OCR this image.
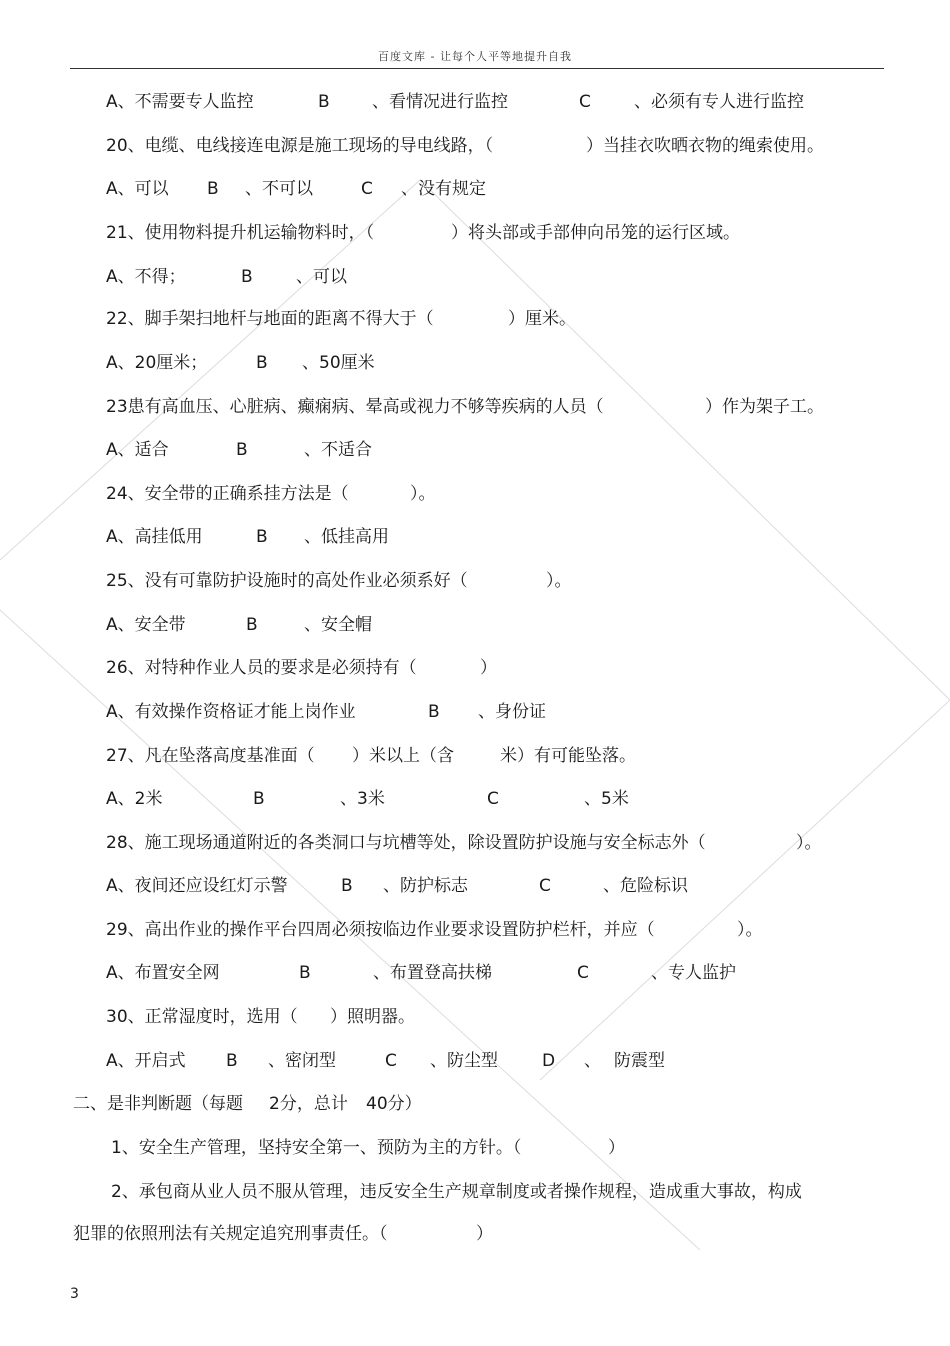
百度文库 - 让每个人平等地提升自我
A、不需要专人监控	B 、看情况进行监控	C	、必须有专人进行监控
20、电缆、电线接连电源是施工现场的导电线路，（	）当挂衣吹晒衣物的绳索使用。
A、可以 B 、不可以	C 、没有规定
21、使用物料提升机运输物料时，（	）将头部或手部伸向吊笼的运行区域。
A、不得；	B	、可以
22、脚手架扫地杆与地面的距离不得大于（	）厘米。
A、20厘米；	B 、50厘米
23患有高血压、心脏病、癫痫病、晕高或视力不够等疾病的人员（	）作为架子工。
A、适合	B	、不适合
24、安全带的正确系挂方法是（	）。
A、高挂低用	B 、低挂高用
25、没有可靠防护设施时的高处作业必须系好（	）。
A、安全带	B	、安全帽
26、对特种作业人员的要求是必须持有（	）
A、有效操作资格证才能上岗作业	B 、身份证
27、凡在坠落高度基准面（ ）米以上（含	米）有可能坠落。
A、2米	B	、3米	C	、5米
28、施工现场通道附近的各类洞口与坑槽等处，除设置防护设施与安全标志外（	）。
A、夜间还应设红灯示警	B 、防护标志	C	、危险标识
29、高出作业的操作平台四周必须按临边作业要求设置防护栏杆，并应（	）。
A、布置安全网	B	、布置登高扶梯	C	、专人监护
30、正常湿度时，选用（ ）照明器。
A、开启式 B 、密闭型	C 、防尘型	D 、 防震型
二、是非判断题（每题 2分，总计 40分）
1、安全生产管理，坚持安全第一、预防为主的方针。（	）
2、承包商从业人员不服从管理，违反安全生产规章制度或者操作规程，造成重大事故，构成
犯罪的依照刑法有关规定追究刑事责任。（	）
3
